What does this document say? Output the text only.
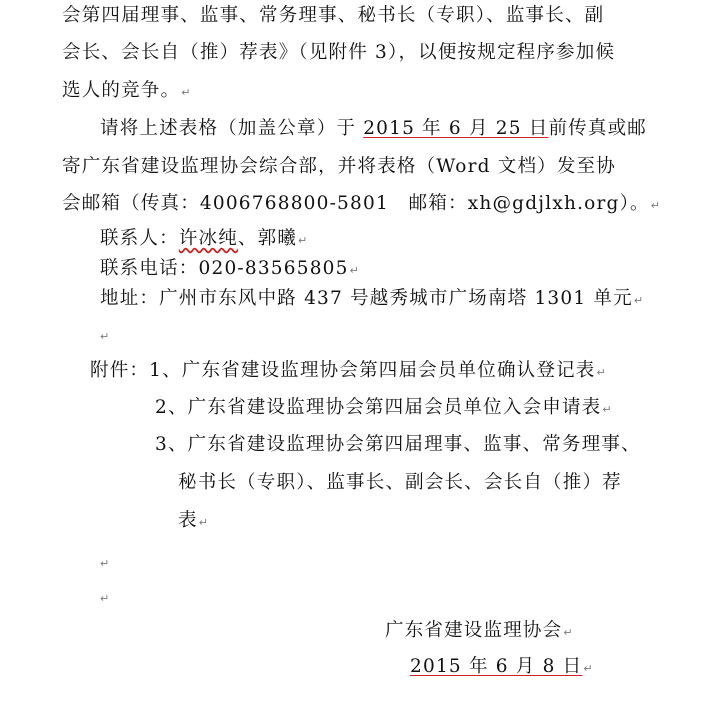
会第四届理事、监事、常务理事、秘书长（专职）、监事长、副
会长、会长自（推）荐表》（见附件 3），以便按规定程序参加候
选人的竞争。↵
请将上述表格（加盖公章）于 2015 年 6 月 25 日前传真或邮
寄广东省建设监理协会综合部，并将表格（Word 文档）发至协
会邮箱（传真：4006768800-5801　邮箱：xh@gdjlxh.org）。↵
联系人：许冰纯、郭曦↵
联系电话：020-83565805↵
地址：广州市东风中路 437 号越秀城市广场南塔 1301 单元↵
↵
附件：1、广东省建设监理协会第四届会员单位确认登记表↵
2、广东省建设监理协会第四届会员单位入会申请表↵
3、广东省建设监理协会第四届理事、监事、常务理事、
秘书长（专职）、监事长、副会长、会长自（推）荐
表↵
↵
↵
广东省建设监理协会↵
2015 年 6 月 8 日↵
